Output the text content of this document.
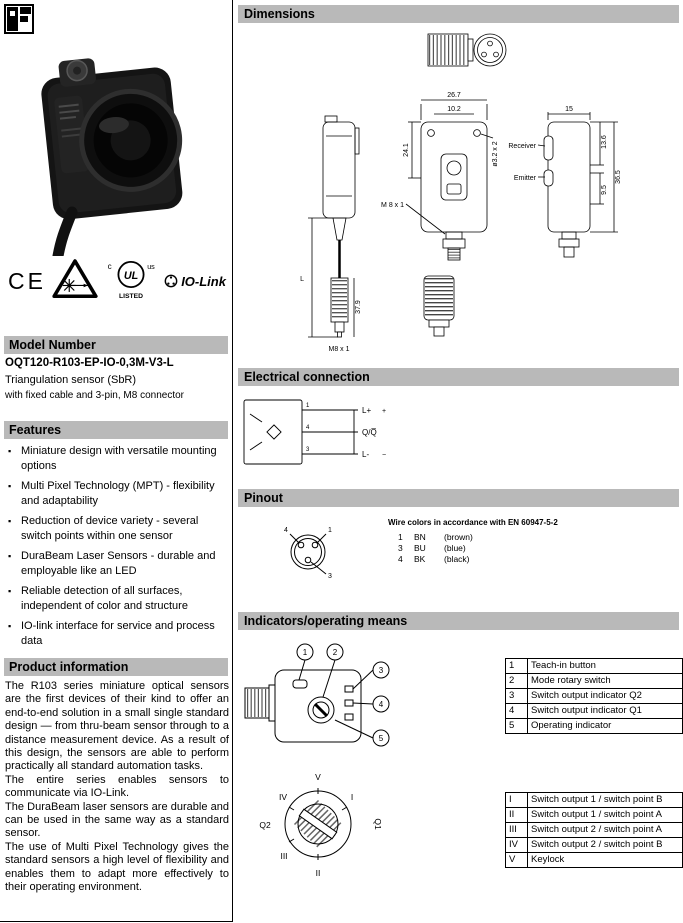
CE
c
UL
us
LISTED
IO-Link
Model Number
OQT120-R103-EP-IO-0,3M-V3-L
Triangulation sensor (SbR)
with fixed cable and 3-pin, M8 connector
Features
▪ Miniature design with versatile mounting options
▪ Multi Pixel Technology (MPT) - flexibility and adaptability
▪ Reduction of device variety - several switch points within one sensor
▪ DuraBeam Laser Sensors - durable and employable like an LED
▪ Reliable detection of all surfaces, independent of color and structure
▪ IO-link interface for service and process data
Product information

The R103 series miniature optical sensors are the first devices of their kind to offer an end-to-end solution in a small single standard design — from thru-beam sensor through to a distance measurement device. As a result of this design, the sensors are able to perform practically all standard automation tasks.

The entire series enables sensors to communicate via IO-Link.

The DuraBeam laser sensors are durable and can be used in the same way as a standard sensor.

The use of Multi Pixel Technology gives the standard sensors a high level of flexibility and enables them to adapt more effectively to their operating environment.

Dimensions
26.7
10.2
24.1
M 8 x 1
ø3.2 x 2
15
13.6
36.5
9.5
Receiver
Emitter
L
37.9
M8 x 1
Electrical connection
1
4
3
L+
Q/Q̅
L-
+
−
Pinout
4	1
3
Wire colors in accordance with EN 60947-5-2
1	BN	(brown)
3	BU	(blue)
4	BK	(black)
Indicators/operating means
1	2
3
4
5
1	Teach-in button
2	Mode rotary switch
3	Switch output indicator Q2
4	Switch output indicator Q1
5	Operating indicator
V
IV	I
Q2	Q1
III
II
I	Switch output 1 / switch point B
II	Switch output 1 / switch point A
III	Switch output 2 / switch point A
IV	Switch output 2 / switch point B
V	Keylock
